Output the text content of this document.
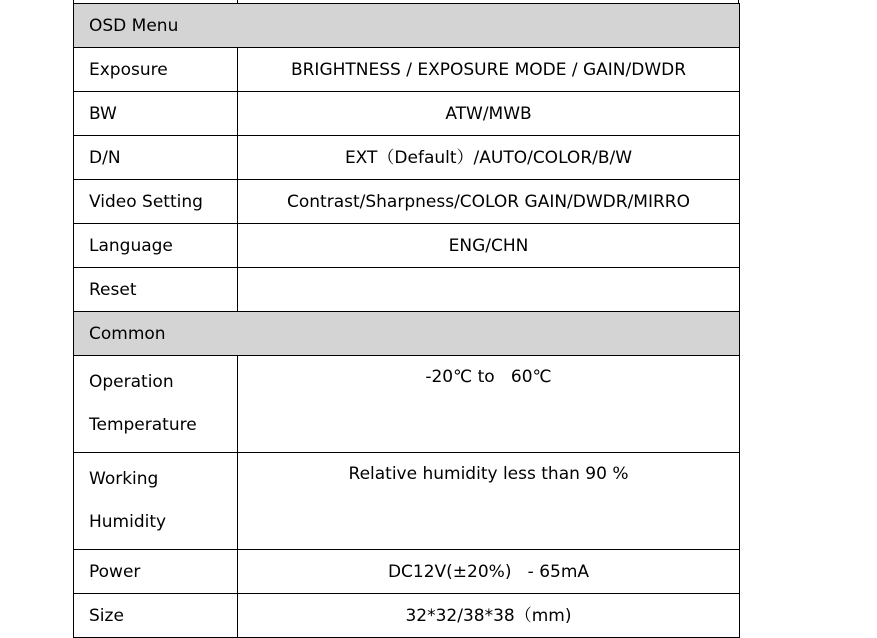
OSD Menu	
Exposure	BRIGHTNESS / EXPOSURE MODE / GAIN/DWDR
BW	ATW/MWB
D/N	EXT（Default）/AUTO/COLOR/B/W
Video Setting	Contrast/Sharpness/COLOR GAIN/DWDR/MIRRO
Language	ENG/CHN
Reset	
Common	

Operation
Temperature	-20℃ to   60℃

Working
Humidity	Relative humidity less than 90 %
Power	DC12V(±20%)   - 65mA
Size	32*32/38*38（mm)
